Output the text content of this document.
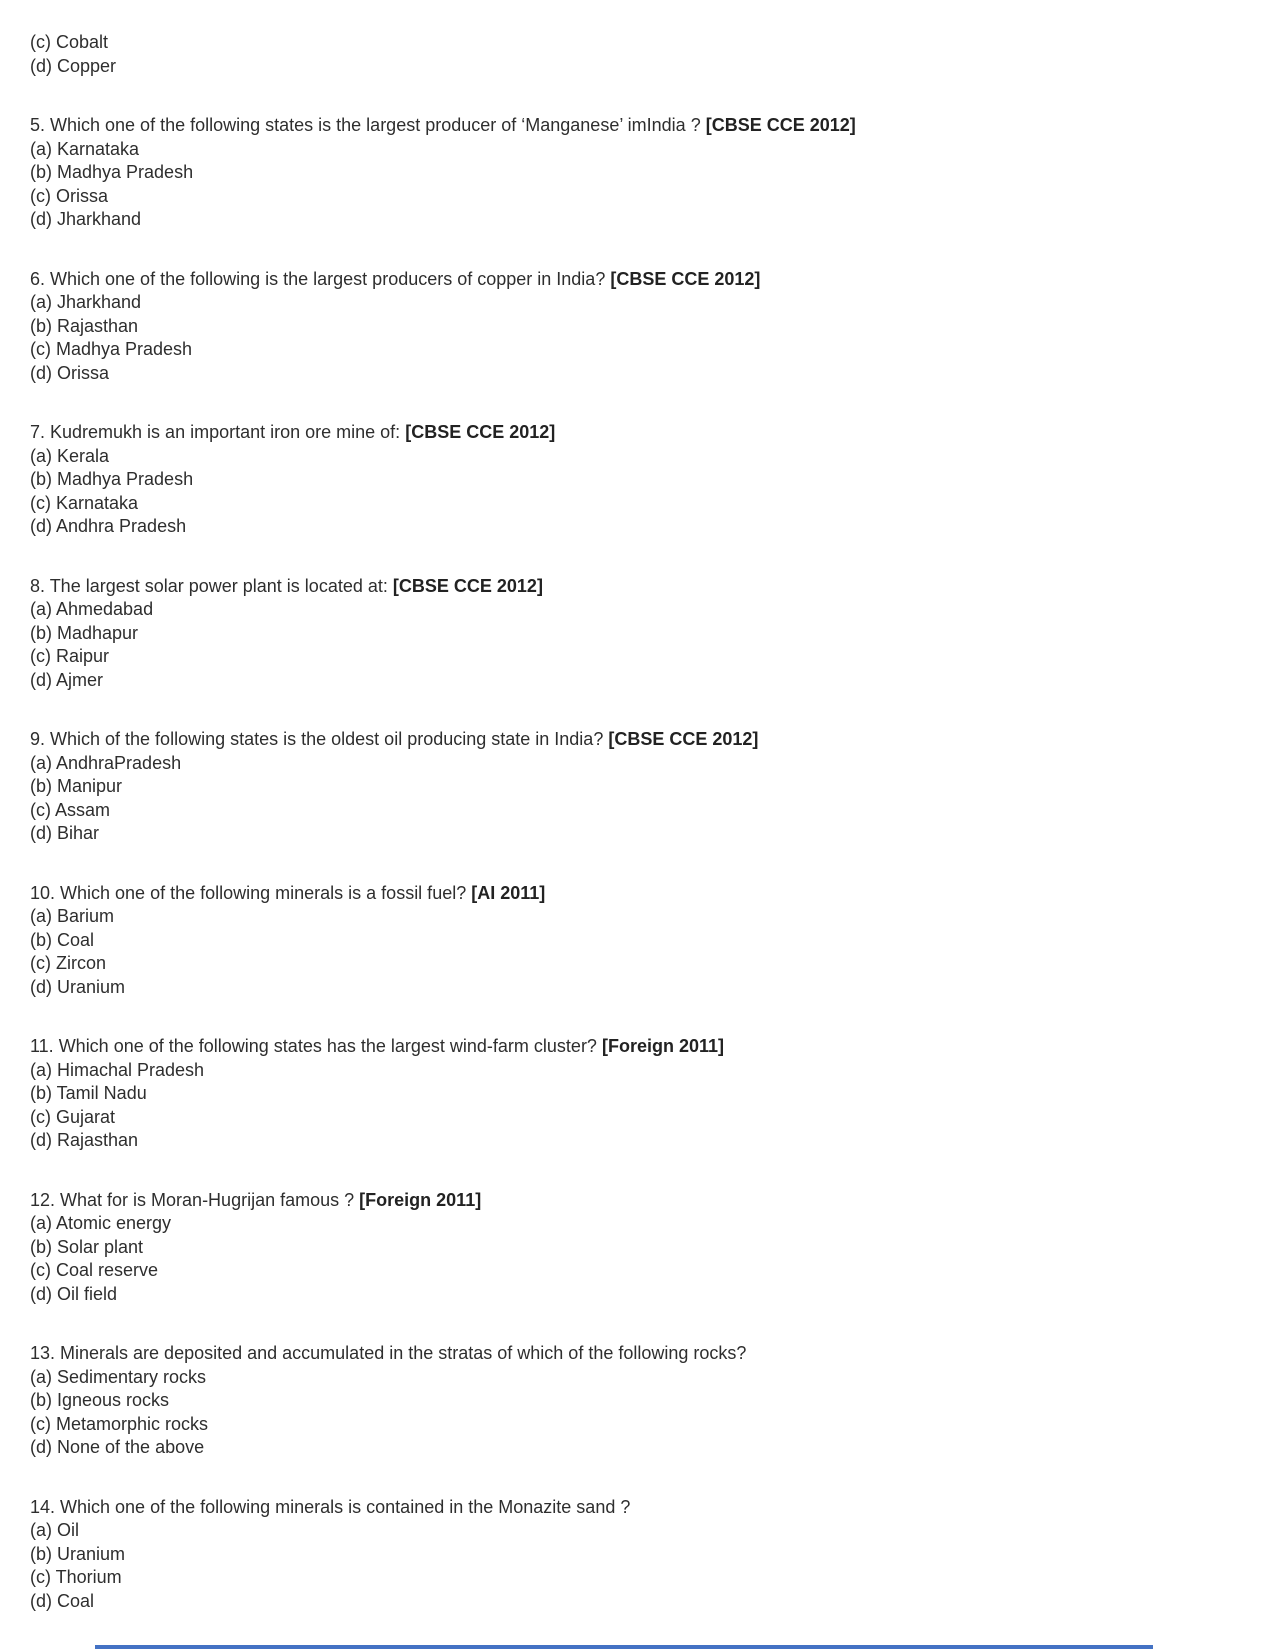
(c) Cobalt
(d) Copper
5. Which one of the following states is the largest producer of ‘Manganese’ imIndia ? [CBSE CCE 2012]
(a) Karnataka
(b) Madhya Pradesh
(c) Orissa
(d) Jharkhand
6. Which one of the following is the largest producers of copper in India? [CBSE CCE 2012]
(a) Jharkhand
(b) Rajasthan
(c) Madhya Pradesh
(d) Orissa
7. Kudremukh is an important iron ore mine of: [CBSE CCE 2012]
(a) Kerala
(b) Madhya Pradesh
(c) Karnataka
(d) Andhra Pradesh
8. The largest solar power plant is located at: [CBSE CCE 2012]
(a) Ahmedabad
(b) Madhapur
(c) Raipur
(d) Ajmer
9. Which of the following states is the oldest oil producing state in India? [CBSE CCE 2012]
(a) AndhraPradesh
(b) Manipur
(c) Assam
(d) Bihar
10. Which one of the following minerals is a fossil fuel? [AI 2011]
(a) Barium
(b) Coal
(c) Zircon
(d) Uranium
11. Which one of the following states has the largest wind-farm cluster? [Foreign 2011]
(a) Himachal Pradesh
(b) Tamil Nadu
(c) Gujarat
(d) Rajasthan
12. What for is Moran-Hugrijan famous ? [Foreign 2011]
(a) Atomic energy
(b) Solar plant
(c) Coal reserve
(d) Oil field
13. Minerals are deposited and accumulated in the stratas of which of the following rocks?
(a) Sedimentary rocks
(b) Igneous rocks
(c) Metamorphic rocks
(d) None of the above
14. Which one of the following minerals is contained in the Monazite sand ?
(a) Oil
(b) Uranium
(c) Thorium
(d) Coal
